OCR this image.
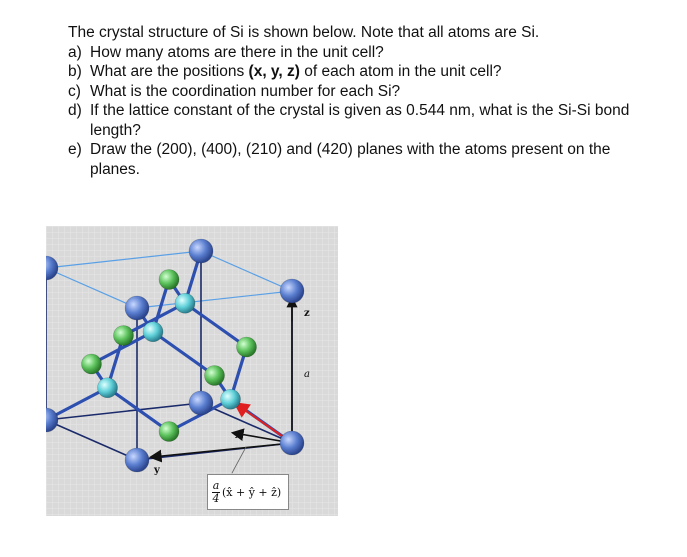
The crystal structure of Si is shown below. Note that all atoms are Si.
a) How many atoms are there in the unit cell?
b) What are the positions (x, y, z) of each atom in the unit cell?
c) What is the coordination number for each Si?
d) If the lattice constant of the crystal is given as 0.544 nm, what is the Si-Si bond length?
e) Draw the (200), (400), (210) and (420) planes with the atoms present on the planes.
z
a
x
y
$\frac{a}{4}$ (x̂ + ŷ + ẑ)
